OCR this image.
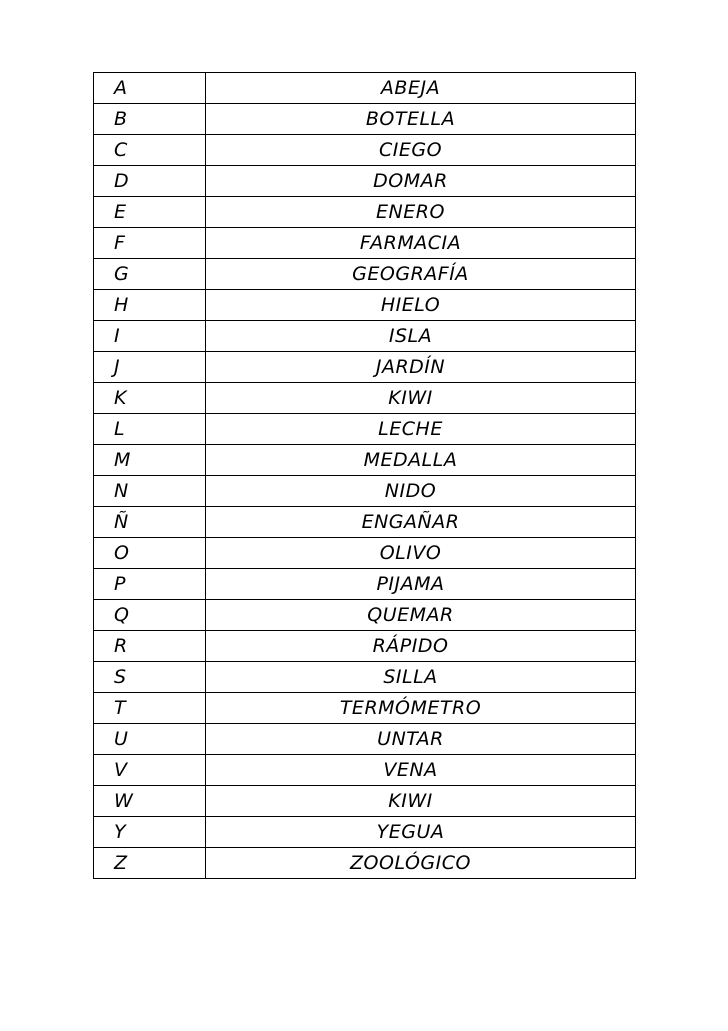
A	ABEJA
B	BOTELLA
C	CIEGO
D	DOMAR
E	ENERO
F	FARMACIA
G	GEOGRAFÍA
H	HIELO
I	ISLA
J	JARDÍN
K	KIWI
L	LECHE
M	MEDALLA
N	NIDO
Ñ	ENGAÑAR
O	OLIVO
P	PIJAMA
Q	QUEMAR
R	RÁPIDO
S	SILLA
T	TERMÓMETRO
U	UNTAR
V	VENA
W	KIWI
Y	YEGUA
Z	ZOOLÓGICO
